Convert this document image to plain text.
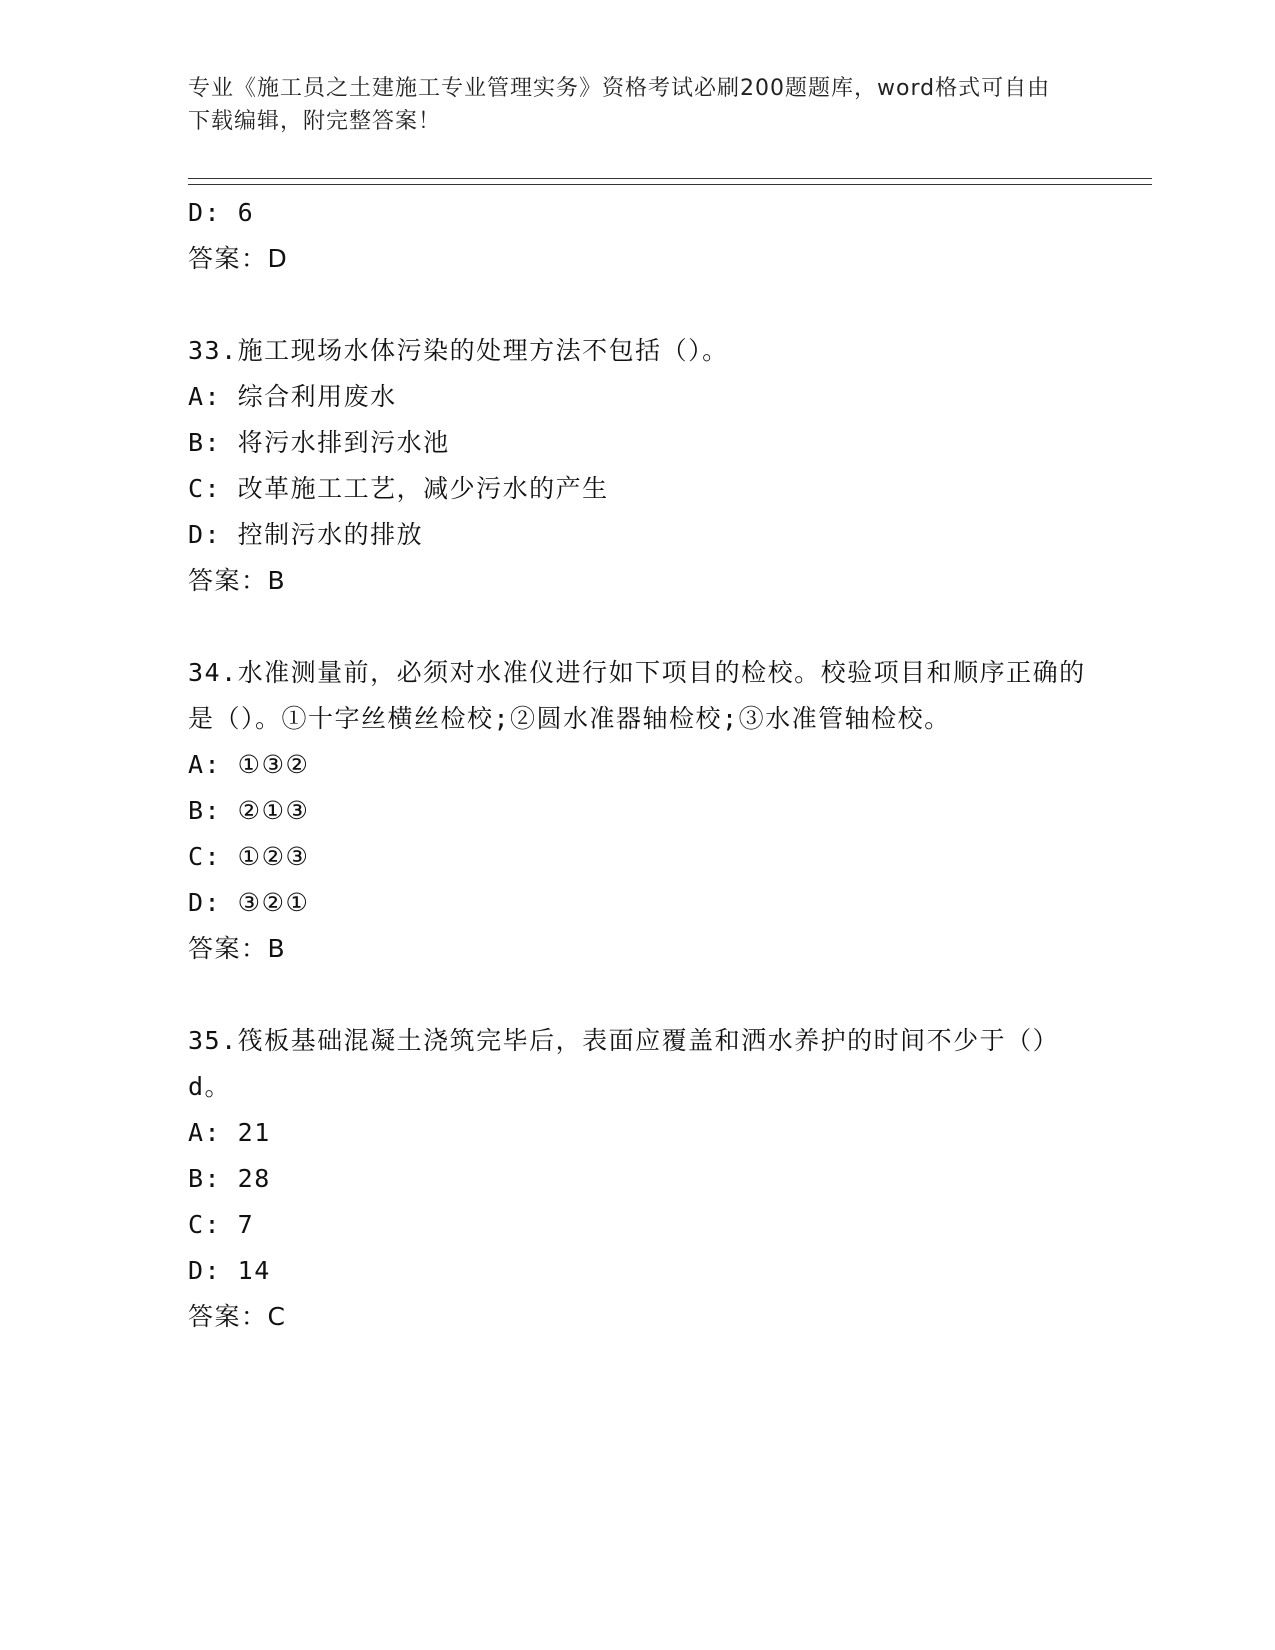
专业《施工员之土建施工专业管理实务》资格考试必刷200题题库，word格式可自由下载编辑，附完整答案！
D: 6
答案：D
33.施工现场水体污染的处理方法不包括（）。
A: 综合利用废水
B: 将污水排到污水池
C: 改革施工工艺，减少污水的产生
D: 控制污水的排放
答案：B
34.水准测量前，必须对水准仪进行如下项目的检校。校验项目和顺序正确的是（）。①十字丝横丝检校;②圆水准器轴检校;③水准管轴检校。
A: ①③②
B: ②①③
C: ①②③
D: ③②①
答案：B
35.筏板基础混凝土浇筑完毕后，表面应覆盖和洒水养护的时间不少于（）d。
A: 21
B: 28
C: 7
D: 14
答案：C
